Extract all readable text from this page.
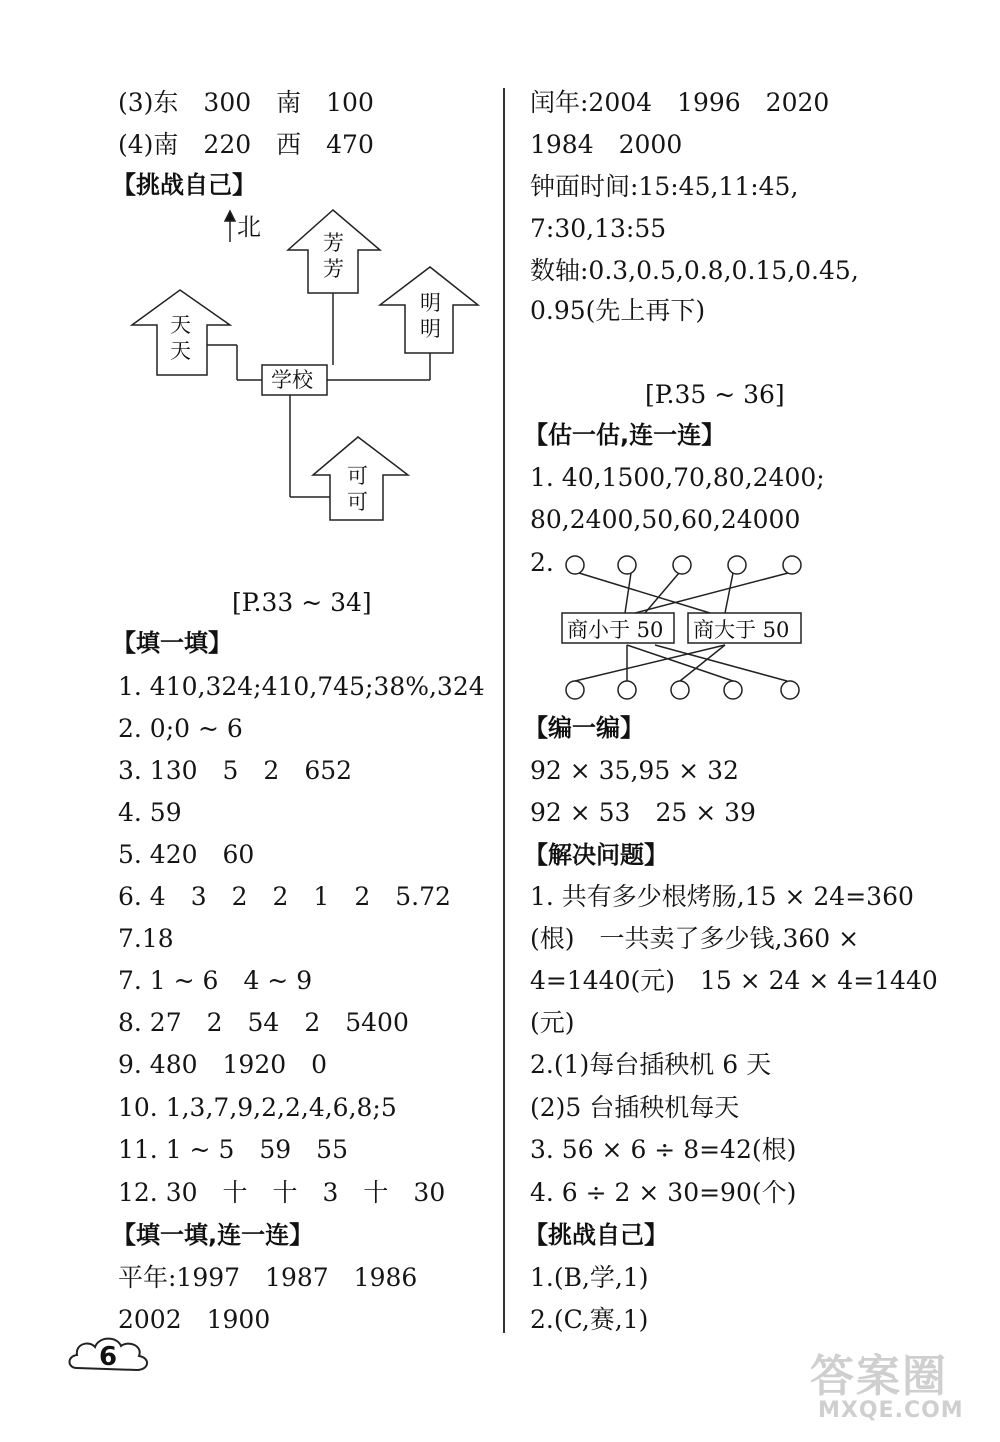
(3)东　300　南　100
(4)南　220　西　470
【挑战自己】
北
芳
芳
天
天
明
明
可
可
学校
[P.33 ~ 34]
【填一填】
1. 410,324;410,745;38%,324
2. 0;0 ~ 6
3. 130　5　2　652
4. 59
5. 420　60
6. 4　3　2　2　1　2　5.72
7.18
7. 1 ~ 6　4 ~ 9
8. 27　2　54　2　5400
9. 480　1920　0
10. 1,3,7,9,2,2,4,6,8;5
11. 1 ~ 5　59　55
12. 30　十　十　3　十　30
【填一填,连一连】
平年:1997　1987　1986
2002　1900
闰年:2004　1996　2020
1984　2000
钟面时间:15:45,11:45,
7:30,13:55
数轴:0.3,0.5,0.8,0.15,0.45,
0.95(先上再下)
[P.35 ~ 36]
【估一估,连一连】
1. 40,1500,70,80,2400;
80,2400,50,60,24000
2.
商小于 50 商大于 50
【编一编】
92 × 35,95 × 32
92 × 53　25 × 39
【解决问题】
1. 共有多少根烤肠,15 × 24=360
(根)　一共卖了多少钱,360 ×
4=1440(元)　15 × 24 × 4=1440
(元)
2.(1)每台插秧机 6 天
(2)5 台插秧机每天
3. 56 × 6 ÷ 8=42(根)
4. 6 ÷ 2 × 30=90(个)
【挑战自己】
1.(B,学,1)
2.(C,赛,1)
6	答案圈
MXQE.COM
